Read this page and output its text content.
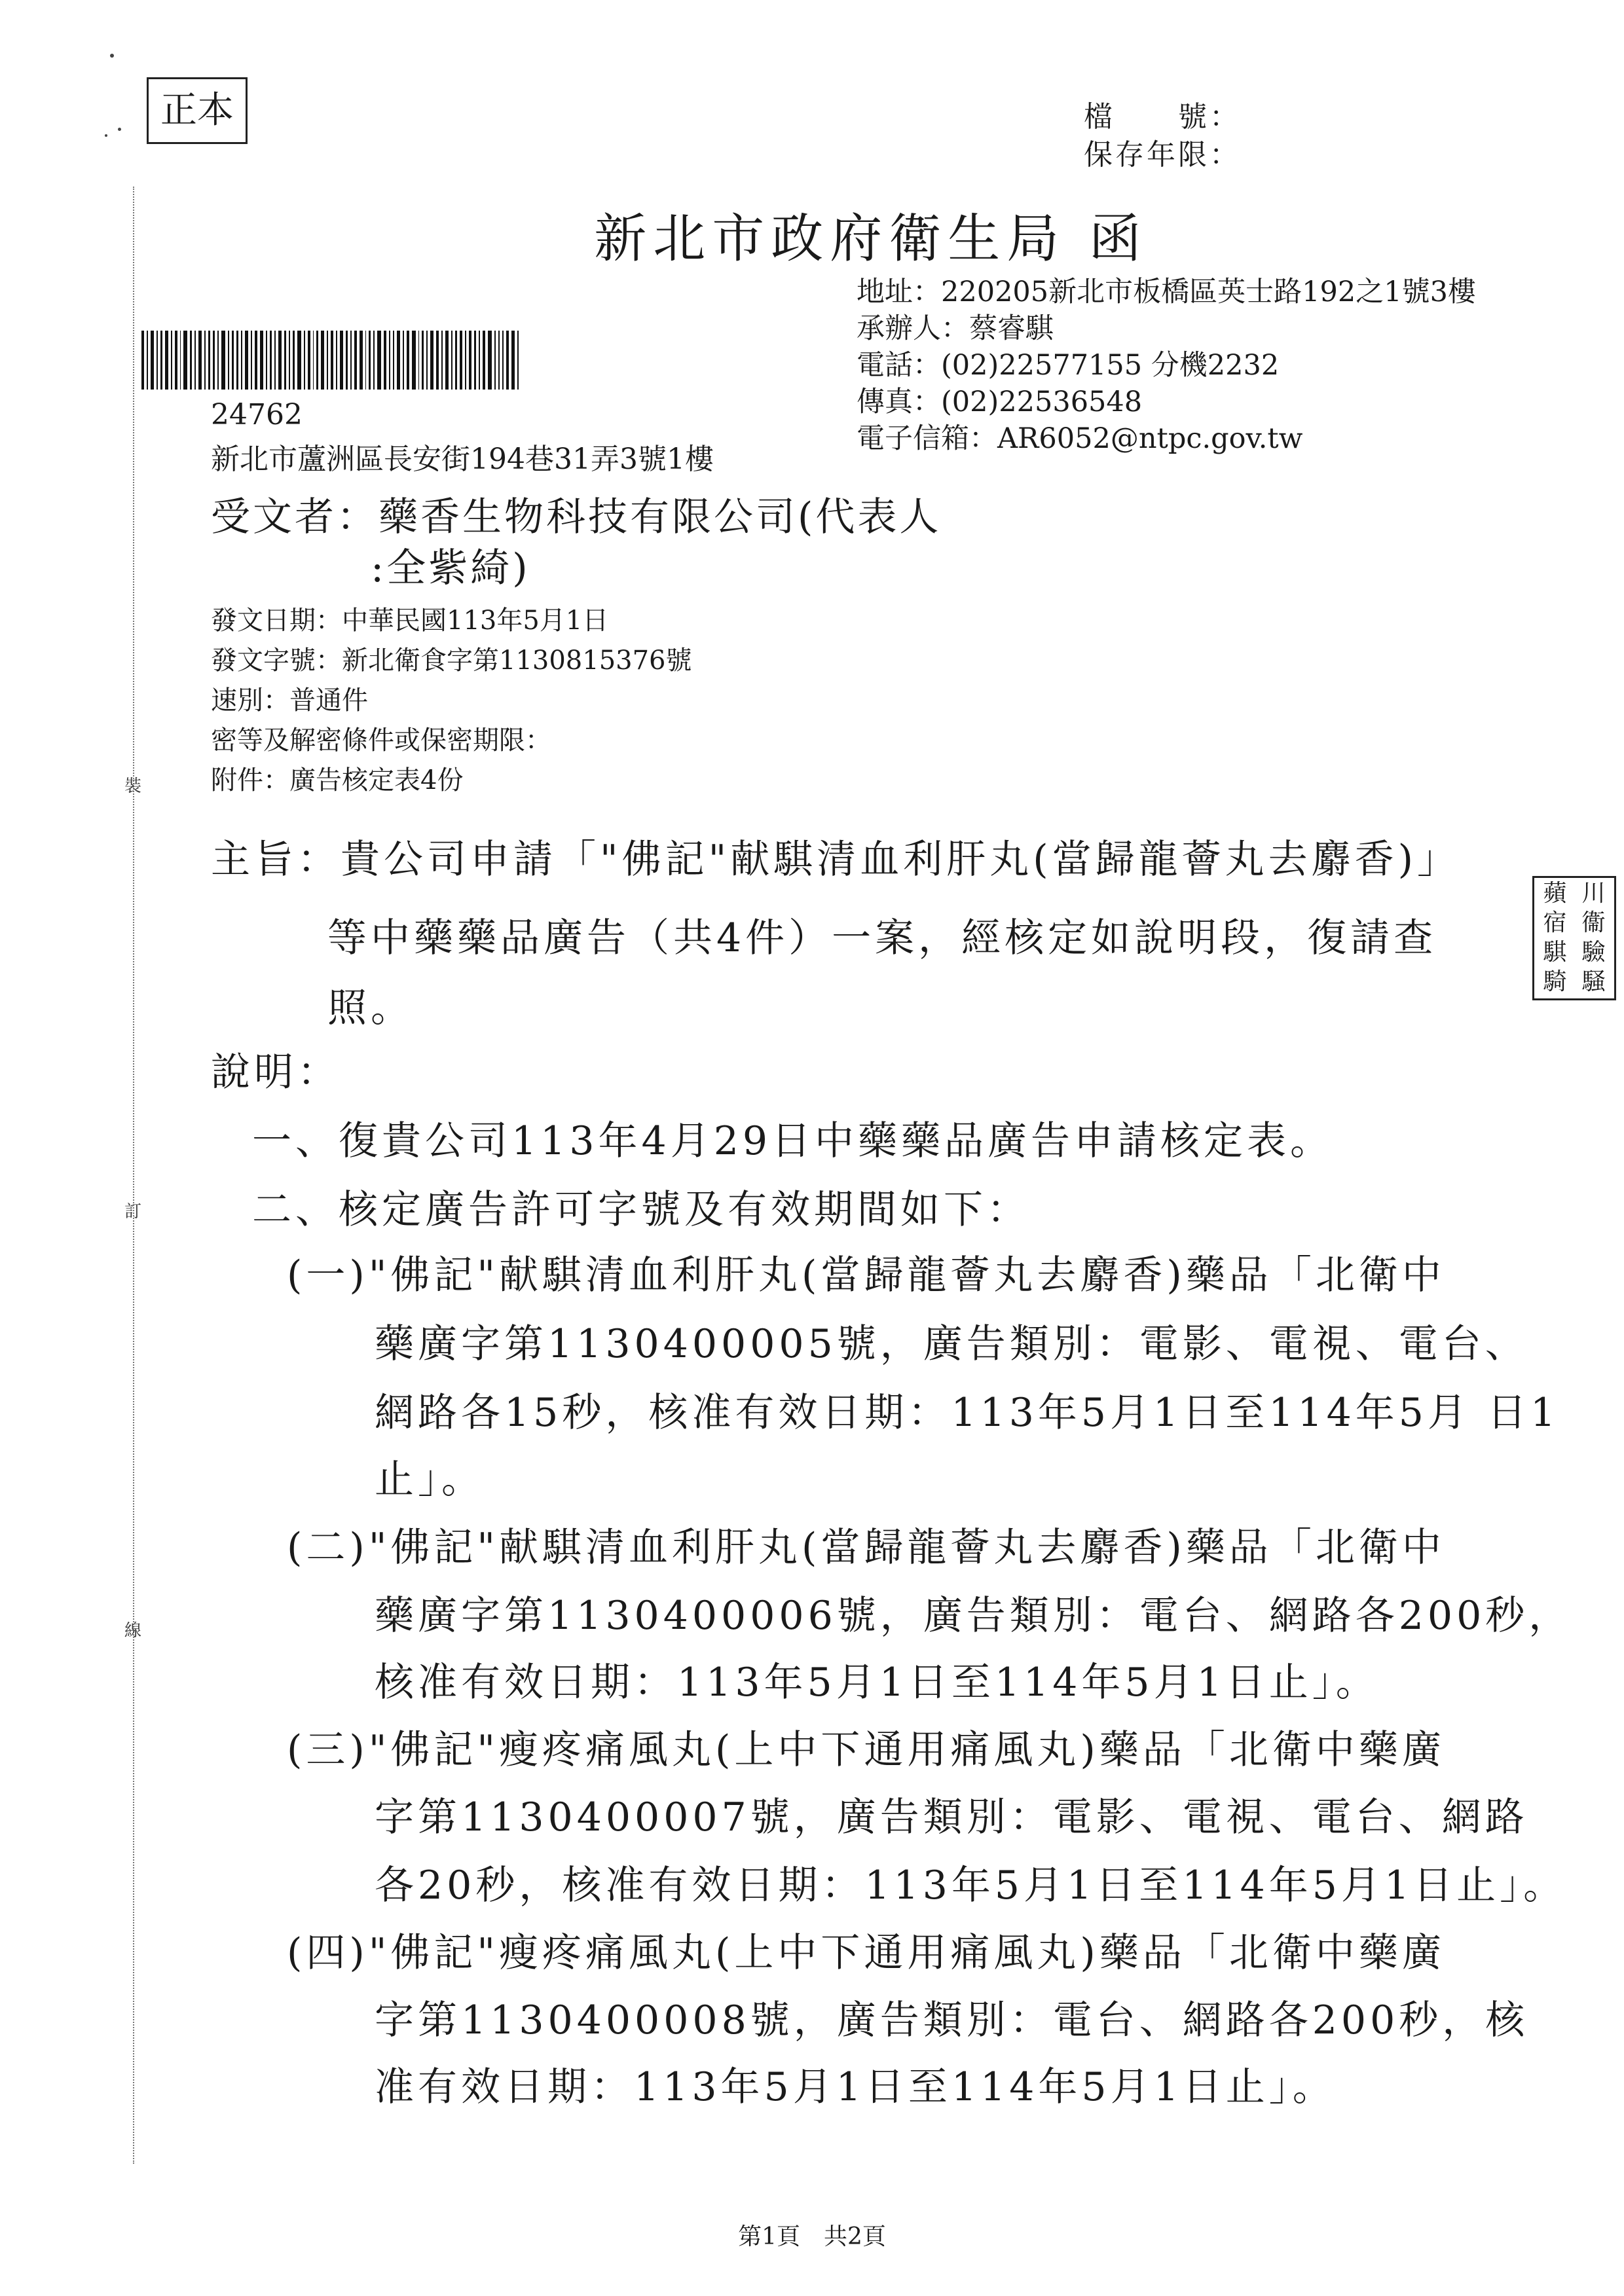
正本	檔　　號：
保存年限：
新北市政府衛生局 函
地址：220205新北市板橋區英士路192之1號3樓
承辦人：蔡睿騏
電話：(02)22577155 分機2232
傳真：(02)22536548
電子信箱：AR6052@ntpc.gov.tw
24762
新北市蘆洲區長安街194巷31弄3號1樓
受文者：藥香生物科技有限公司(代表人
:全紫綺)
發文日期：中華民國113年5月1日
發文字號：新北衛食字第1130815376號
速別：普通件
密等及解密條件或保密期限：
附件：廣告核定表4份
主旨：貴公司申請「"佛記"献騏清血利肝丸(當歸龍薈丸去麝香)」
等中藥藥品廣告（共4件）一案，經核定如說明段，復請查
照。
說明：
一、復貴公司113年4月29日中藥藥品廣告申請核定表。
二、核定廣告許可字號及有效期間如下：
(一)"佛記"献騏清血利肝丸(當歸龍薈丸去麝香)藥品「北衛中
藥廣字第1130400005號，廣告類別：電影、電視、電台、
網路各15秒，核准有效日期：113年5月1日至114年5月 日1
止」。
(二)"佛記"献騏清血利肝丸(當歸龍薈丸去麝香)藥品「北衛中
藥廣字第1130400006號，廣告類別：電台、網路各200秒，
核准有效日期：113年5月1日至114年5月1日止」。
(三)"佛記"瘦疼痛風丸(上中下通用痛風丸)藥品「北衛中藥廣
字第1130400007號，廣告類別：電影、電視、電台、網路
各20秒，核准有效日期：113年5月1日至114年5月1日止」。
(四)"佛記"瘦疼痛風丸(上中下通用痛風丸)藥品「北衛中藥廣
字第1130400008號，廣告類別：電台、網路各200秒，核
准有效日期：113年5月1日至114年5月1日止」。
裝
訂
線
蘋 川
宿 衞
騏 驗
騎 騒
第1頁　共2頁
